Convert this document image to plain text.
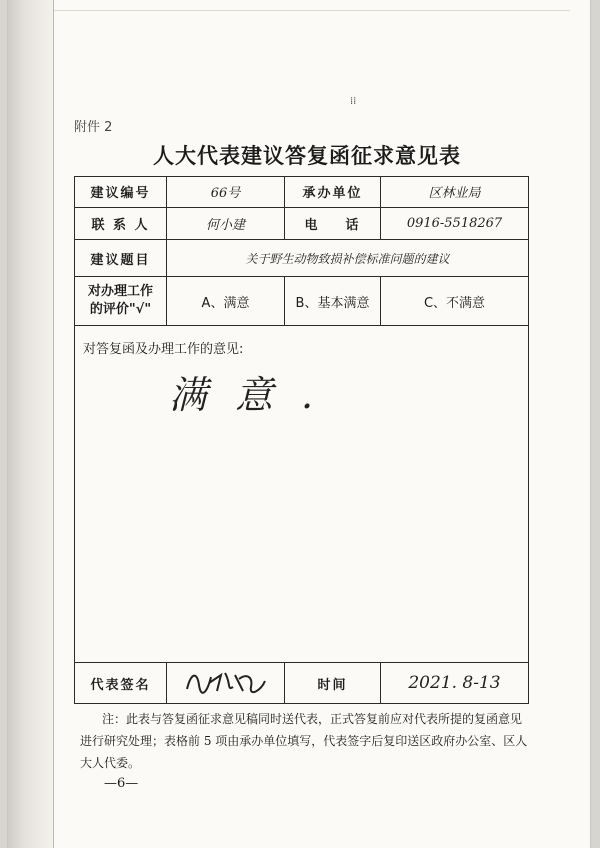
⁞⁞
附件 2
人大代表建议答复函征求意见表
建议编号	66号	承办单位	区林业局
联 系 人	何小建	电    话	0916-5518267
建议题目	关于野生动物致损补偿标准问题的建议		

对办理工作
的评价"√"	A、满意	B、基本满意	C、不满意

对答复函及办理工作的意见:
满意.			

代表签名		时间	2021. 8-13
注：此表与答复函征求意见稿同时送代表，正式答复前应对代表所提的复函意见进行研究处理；表格前 5 项由承办单位填写，代表签字后复印送区政府办公室、区人大人代委。
—6—
